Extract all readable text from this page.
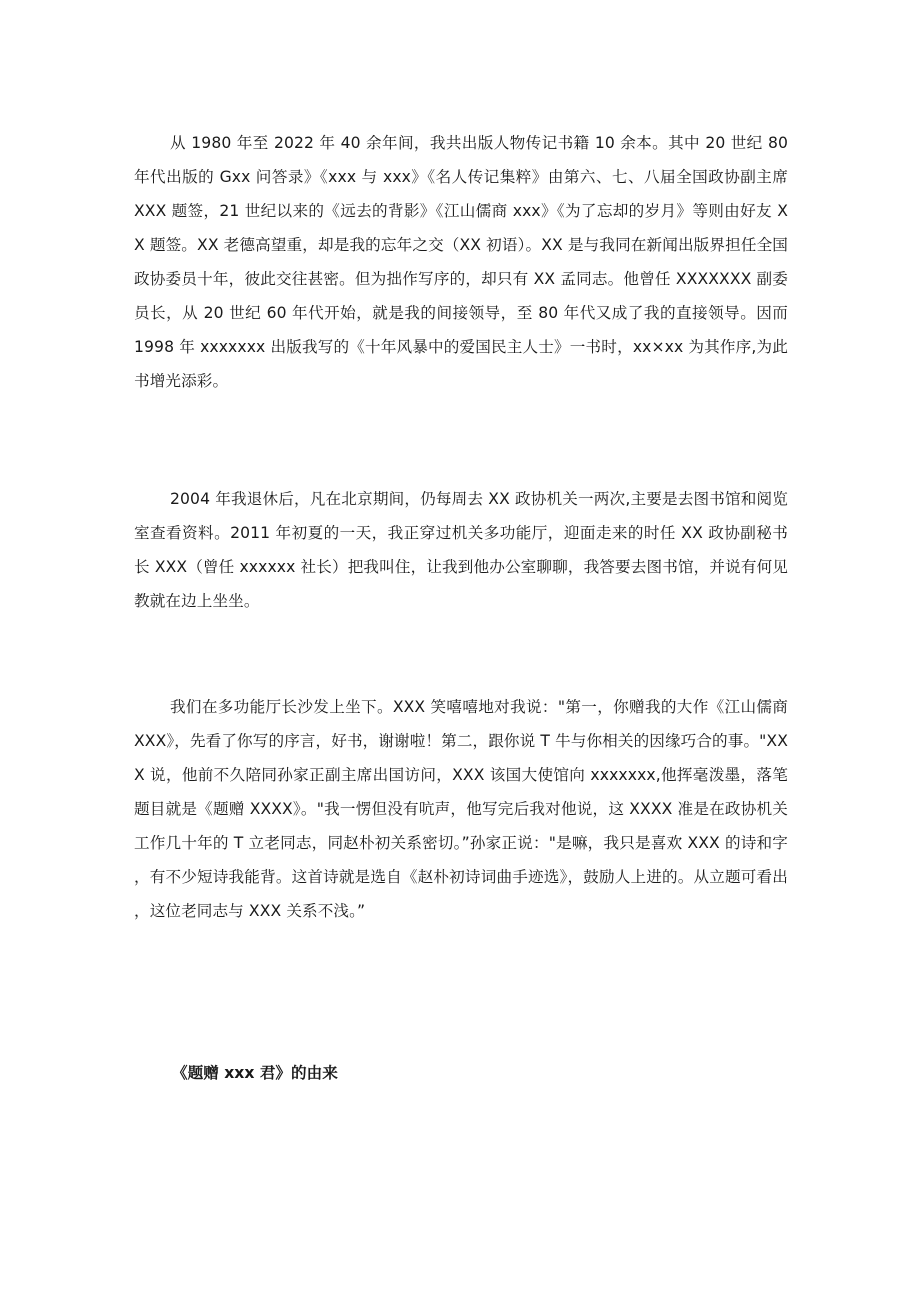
从 1980 年至 2022 年 40 余年间，我共出版人物传记书籍 10 余本。其中 20 世纪 80 年代出版的 Gxx 问答录》《xxx 与 xxx》《名人传记集粹》由第六、七、八届全国政协副主席 XXX 题签，21 世纪以来的《远去的背影》《江山儒商 xxx》《为了忘却的岁月》等则由好友 XX 题签。XX 老德高望重，却是我的忘年之交（XX 初语）。XX 是与我同在新闻出版界担任全国政协委员十年，彼此交往甚密。但为拙作写序的，却只有 XX 孟同志。他曾任 XXXXXXX 副委员长，从 20 世纪 60 年代开始，就是我的间接领导，至 80 年代又成了我的直接领导。因而 1998 年 xxxxxxx 出版我写的《十年风暴中的爱国民主人士》一书时，xx×xx 为其作序,为此书增光添彩。

2004 年我退休后，凡在北京期间，仍每周去 XX 政协机关一两次,主要是去图书馆和阅览室查看资料。2011 年初夏的一天，我正穿过机关多功能厅，迎面走来的时任 XX 政协副秘书长 XXX（曾任 xxxxxx 社长）把我叫住，让我到他办公室聊聊，我答要去图书馆，并说有何见教就在边上坐坐。

我们在多功能厅长沙发上坐下。XXX 笑嘻嘻地对我说："第一，你赠我的大作《江山儒商 XXX》，先看了你写的序言，好书，谢谢啦！第二，跟你说 T 牛与你相关的因缘巧合的事。"XXX 说，他前不久陪同孙家正副主席出国访问，XXX 该国大使馆向 xxxxxxx,他挥毫泼墨，落笔题目就是《题赠 XXXX》。"我一愣但没有吭声，他写完后我对他说，这 XXXX 准是在政协机关工作几十年的 T 立老同志，同赵朴初关系密切。”孙家正说："是嘛，我只是喜欢 XXX 的诗和字，有不少短诗我能背。这首诗就是选自《赵朴初诗词曲手迹选》，鼓励人上进的。从立题可看出，这位老同志与 XXX 关系不浅。”

《题赠 xxx 君》的由来
